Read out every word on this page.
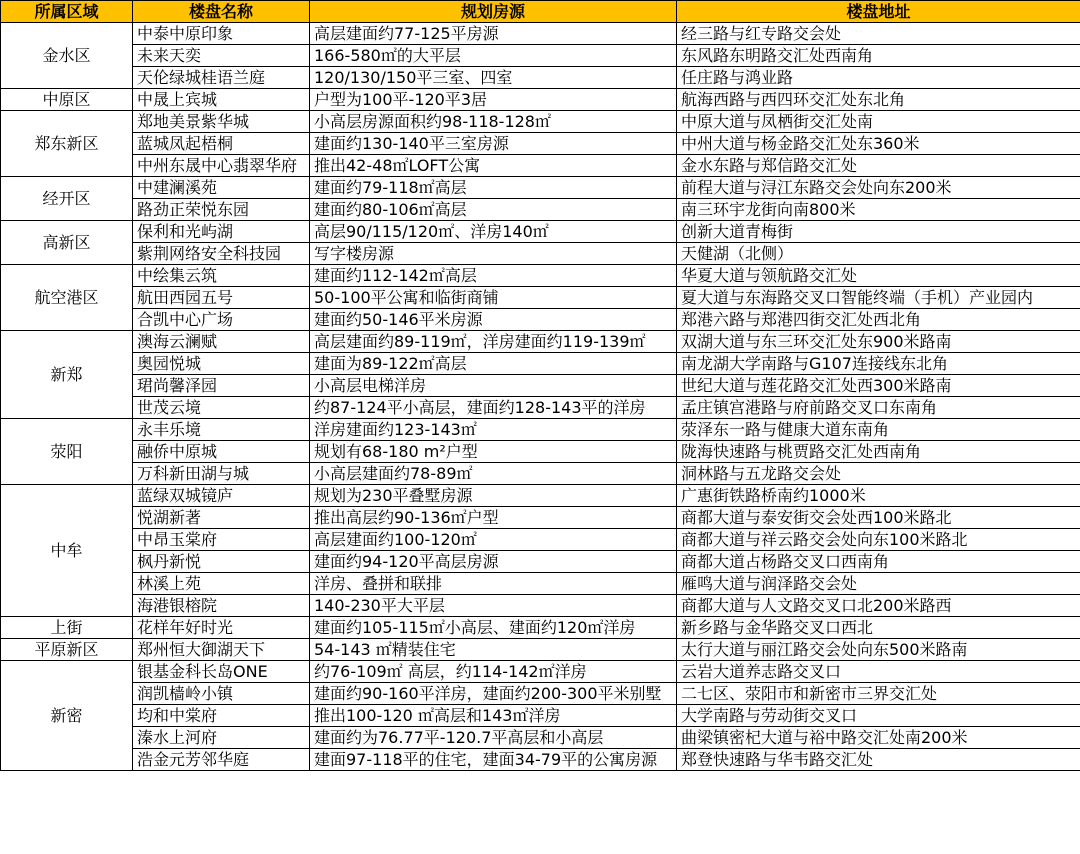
所属区域	楼盘名称	规划房源	楼盘地址
金水区	中泰中原印象	高层建面约77-125平房源	经三路与红专路交会处
	未来天奕	166-580㎡的大平层	东风路东明路交汇处西南角
	天伦绿城桂语兰庭	120/130/150平三室、四室	任庄路与鸿业路
中原区	中晟上宾城	户型为100平-120平3居	航海西路与西四环交汇处东北角
郑东新区	郑地美景紫华城	小高层房源面积约98-118-128㎡	中原大道与凤栖街交汇处南
	蓝城凤起梧桐	建面约130-140平三室房源	中州大道与杨金路交汇处东360米
	中州东晟中心翡翠华府	推出42-48㎡LOFT公寓	金水东路与郑信路交汇处
经开区	中建澜溪苑	建面约79-118㎡高层	前程大道与浔江东路交会处向东200米
	路劲正荣悦东园	建面约80-106㎡高层	南三环宇龙街向南800米
高新区	保利和光屿湖	高层90/115/120㎡、洋房140㎡	创新大道青梅街
	紫荆网络安全科技园	写字楼房源	天健湖（北侧）
航空港区	中绘集云筑	建面约112-142㎡高层	华夏大道与领航路交汇处
	航田西园五号	50-100平公寓和临街商铺	夏大道与东海路交叉口智能终端（手机）产业园内
	合凯中心广场	建面约50-146平米房源	郑港六路与郑港四街交汇处西北角
新郑	澳海云澜赋	高层建面约89-119㎡，洋房建面约119-139㎡	双湖大道与东三环交汇处东900米路南
	奥园悦城	建面为89-122㎡高层	南龙湖大学南路与G107连接线东北角
	珺尚馨泽园	小高层电梯洋房	世纪大道与莲花路交汇处西300米路南
	世茂云境	约87-124平小高层，建面约128-143平的洋房	孟庄镇宫港路与府前路交叉口东南角
荥阳	永丰乐境	洋房建面约123-143㎡	荥泽东一路与健康大道东南角
	融侨中原城	规划有68-180 m²户型	陇海快速路与桃贾路交汇处西南角
	万科新田湖与城	小高层建面约78-89㎡	洞林路与五龙路交会处
中牟	蓝绿双城镜庐	规划为230平叠墅房源	广惠街铁路桥南约1000米
	悦湖新著	推出高层约90-136㎡户型	商都大道与泰安街交会处西100米路北
	中昂玉棠府	高层建面约100-120㎡	商都大道与祥云路交会处向东100米路北
	枫丹新悦	建面约94-120平高层房源	商都大道占杨路交叉口西南角
	林溪上苑	洋房、叠拼和联排	雁鸣大道与润泽路交会处
	海港银榕院	140-230平大平层	商都大道与人文路交叉口北200米路西
上街	花样年好时光	建面约105-115㎡小高层、建面约120㎡洋房	新乡路与金华路交叉口西北
平原新区	郑州恒大御湖天下	54-143 ㎡精装住宅	太行大道与丽江路交会处向东500米路南
新密	银基金科长岛ONE	约76-109㎡ 高层，约114-142㎡洋房	云岩大道养志路交叉口
	润凯樯岭小镇	建面约90-160平洋房，建面约200-300平米别墅	二七区、荥阳市和新密市三界交汇处
	均和中棠府	推出100-120 ㎡高层和143㎡洋房	大学南路与劳动街交叉口
	溱水上河府	建面约为76.77平-120.7平高层和小高层	曲梁镇密杞大道与裕中路交汇处南200米
	浩金元芳邻华庭	建面97-118平的住宅，建面34-79平的公寓房源	郑登快速路与华韦路交汇处
